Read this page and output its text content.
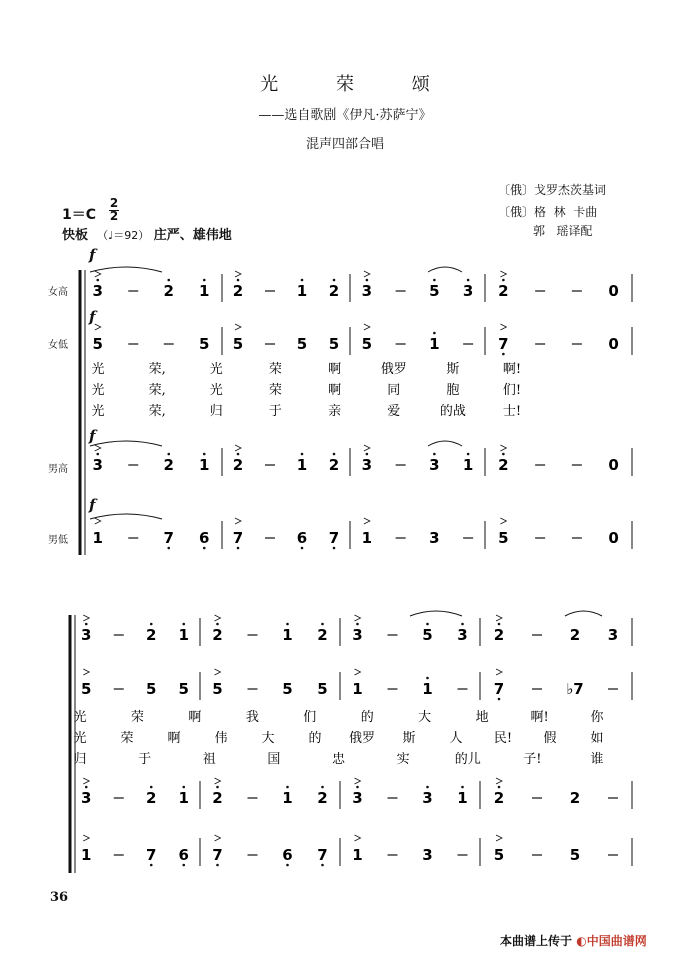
光 荣 颂
——选自歌剧《伊凡·苏萨宁》
混声四部合唱
〔俄〕戈罗杰茨基词
〔俄〕格  林  卡曲
郭   瑶译配
1＝C
2
2
快板 （♩＝92） 庄严、雄伟地
女高
女低
男高
男低
f
f
f
f
3	2 1 2	1 2 3	5 3 2	0
5	5 5	5 5 5	1	7	0
3	2 1 2	1 2 3	3 1 2	0
1	7 6 7	6 7 1	3	5	0
3	2 1 2	1 2 3	5 3 2	2 3
5	5 5 5	5 5 1	1	7	♭7
3	2 1 2	1 2 3	3 1 2	2
1	7 6 7	6 7 1	3	5	5
光	荣,	光	荣	啊	俄罗	斯	啊!
光	荣,	光	荣	啊	同	胞	们!
光	荣,	归	于	亲	爱	的战	士!
光	荣	啊	我	们	的	大	地	啊!	你
光	荣	啊	伟	大	的 俄罗 斯	人 民! 假	如
归	于	祖	国	忠	实	的儿	子!	谁
36
本曲谱上传于 ◐中国曲谱网
